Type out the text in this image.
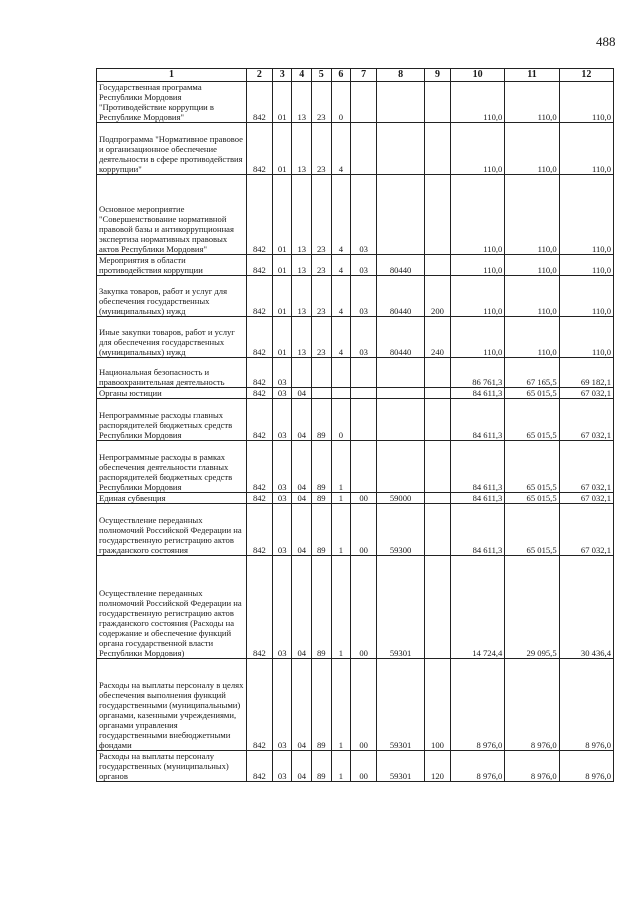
488
1	2	3	4	5	6	7	8	9	10	11	12
Государственная программа Республики Мордовия "Противодействие коррупции в Республике Мордовия"	842	01	13	23	0				110,0	110,0	110,0
Подпрограмма "Нормативное правовое и организационное обеспечение деятельности в сфере противодействия коррупции"	842	01	13	23	4				110,0	110,0	110,0
Основное мероприятие "Совершенствование нормативной правовой базы и антикоррупционная экспертиза нормативных правовых актов Республики Мордовия"	842	01	13	23	4	03			110,0	110,0	110,0
Мероприятия в области противодействия коррупции	842	01	13	23	4	03	80440		110,0	110,0	110,0
Закупка товаров, работ и услуг для обеспечения государственных (муниципальных) нужд	842	01	13	23	4	03	80440	200	110,0	110,0	110,0
Иные закупки товаров, работ и услуг для обеспечения государственных (муниципальных) нужд	842	01	13	23	4	03	80440	240	110,0	110,0	110,0
Национальная безопасность и правоохранительная деятельность	842	03							86 761,3	67 165,5	69 182,1
Органы юстиции	842	03	04						84 611,3	65 015,5	67 032,1
Непрограммные расходы главных распорядителей бюджетных средств Республики Мордовия	842	03	04	89	0				84 611,3	65 015,5	67 032,1
Непрограммные расходы в рамках обеспечения деятельности главных распорядителей бюджетных средств Республики Мордовия	842	03	04	89	1				84 611,3	65 015,5	67 032,1
Единая субвенция	842	03	04	89	1	00	59000		84 611,3	65 015,5	67 032,1
Осуществление переданных полномочий Российской Федерации на государственную регистрацию актов гражданского состояния	842	03	04	89	1	00	59300		84 611,3	65 015,5	67 032,1
Осуществление переданных полномочий Российской Федерации на государственную регистрацию актов гражданского состояния (Расходы на содержание и обеспечение функций органа государственной власти Республики Мордовия)	842	03	04	89	1	00	59301		14 724,4	29 095,5	30 436,4
Расходы на выплаты персоналу в целях обеспечения выполнения функций государственными (муниципальными) органами, казенными учреждениями, органами управления государственными внебюджетными фондами	842	03	04	89	1	00	59301	100	8 976,0	8 976,0	8 976,0
Расходы на выплаты персоналу государственных (муниципальных) органов	842	03	04	89	1	00	59301	120	8 976,0	8 976,0	8 976,0
